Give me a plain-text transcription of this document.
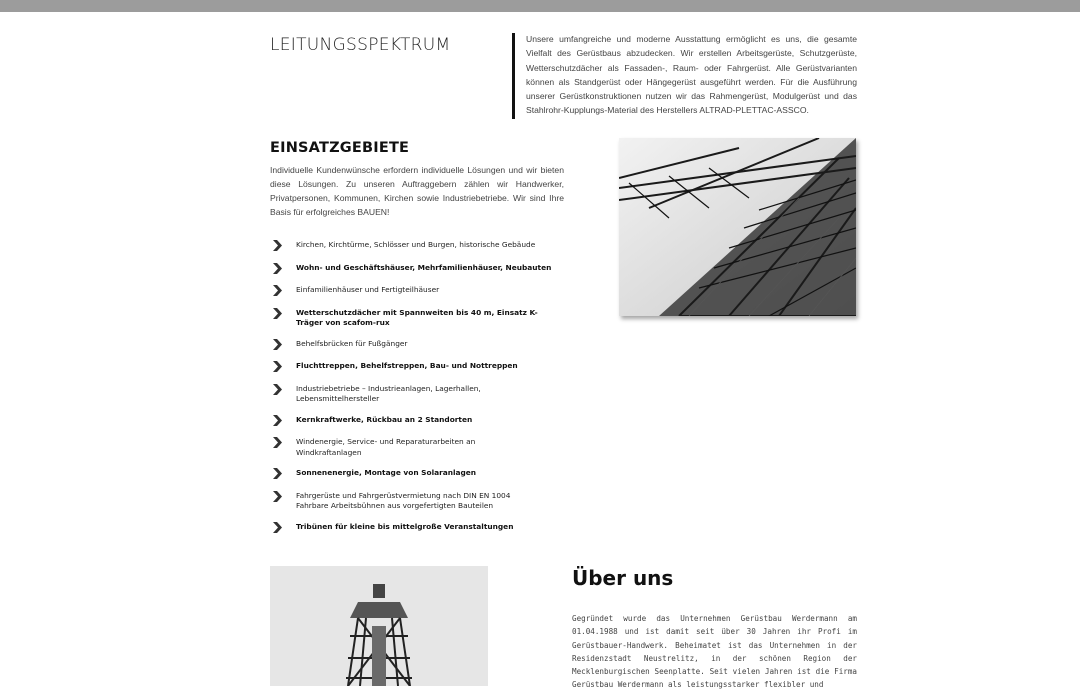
LEITUNGSSPEKTRUM	Unsere umfangreiche und moderne Ausstattung ermöglicht es uns, die gesamte Vielfalt des Gerüstbaus abzudecken. Wir erstellen Arbeitsgerüste, Schutzgerüste, Wetterschutzdächer als Fassaden-, Raum- oder Fahrgerüst. Alle Gerüstvarianten können als Standgerüst oder Hängegerüst ausgeführt werden. Für die Ausführung unserer Gerüstkonstruktionen nutzen wir das Rahmengerüst, Modulgerüst und das Stahlrohr-Kupplungs-Material des Herstellers ALTRAD-PLETTAC-ASSCO.
EINSATZGEBIETE
Individuelle Kundenwünsche erfordern individuelle Lösungen und wir bieten diese Lösungen. Zu unseren Auftraggebern zählen wir Handwerker, Privatpersonen, Kommunen, Kirchen sowie Industriebetriebe. Wir sind Ihre Basis für erfolgreiches BAUEN!
Kirchen, Kirchtürme, Schlösser und Burgen, historische Gebäude
Wohn- und Geschäftshäuser, Mehrfamilienhäuser, Neubauten
Einfamilienhäuser und Fertigteilhäuser
Wetterschutzdächer mit Spannweiten bis 40 m, Einsatz K-
Träger von scafom-rux
Behelfsbrücken für Fußgänger
Fluchttreppen, Behelfstreppen, Bau- und Nottreppen
Industriebetriebe – Industrieanlagen, Lagerhallen,
Lebensmittelhersteller
Kernkraftwerke, Rückbau an 2 Standorten
Windenergie, Service- und Reparaturarbeiten an
Windkraftanlagen
Sonnenenergie, Montage von Solaranlagen
Fahrgerüste und Fahrgerüstvermietung nach DIN EN 1004
Fahrbare Arbeitsbühnen aus vorgefertigten Bauteilen
Tribünen für kleine bis mittelgroße Veranstaltungen
Über uns
Gegründet wurde das Unternehmen Gerüstbau Werdermann am 01.04.1988 und ist damit seit über 30 Jahren ihr Profi im Gerüstbauer-Handwerk. Beheimatet ist das Unternehmen in der Residenzstadt Neustrelitz, in der schönen Region der Mecklenburgischen Seenplatte. Seit vielen Jahren ist die Firma Gerüstbau Werdermann als leistungsstarker flexibler und
